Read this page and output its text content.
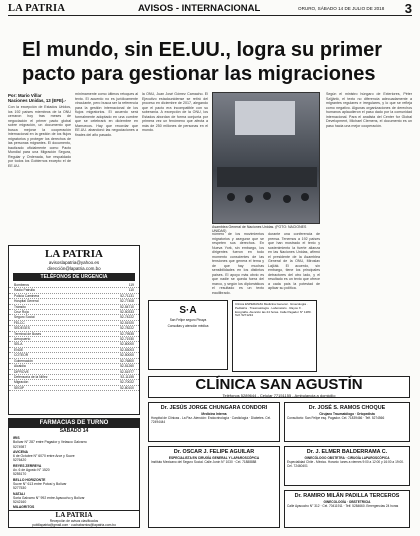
LA PATRIA	AVISOS - INTERNACIONAL	ORURO, SÁBADO 14 DE JULIO DE 2018 3
El mundo, sin EE.UU., logra su primer pacto para gestionar las migraciones
Por: Mario Villar
Naciones Unidas, 13 (EFE).-
Con la excepción de Estados Unidos, los 192 países miembros de la ONU cerraron hoy tras meses de negociación el primer pacto global sobre migración, un documento que busca mejorar la cooperación internacional en la gestión de los flujos migratorios y proteger los derechos de las personas migrantes. El documento, bautizado oficialmente como Pacto Mundial para una Migración Segura, Regular y Ordenada, fue respaldado por todos los Gobiernos excepto el de EE.UU.
mínimamente como últimos retoques al texto. El acuerdo no es jurídicamente vinculante, pero busca ser la referencia para la gestión internacional de los flujos migratorios. El acuerdo será formalmente adoptado en una cumbre que se celebrará en diciembre en Marruecos. Hay que recordar que EE.UU. abandonó las negociaciones a finales del año pasado.
la ONU, Juan José Gómez Camacho. El Ejecutivo estadounidense se retiró del proceso en diciembre de 2017, alegando que el pacto era incompatible con su soberanía. A excepción de la ONU, los Estados abordan de forma conjunta por primera vez un fenómeno que afecta a más de 250 millones de personas en el mundo.
Asamblea General de Naciones Unidas. (FOTO: NACIONES UNIDAS)
número de los movimientos migratorios y asegurar que se respeten sus derechos. En Nueva York, sin embargo, los dirigentes fueron en todo momento conscientes de las tensiones que genera el tema y de que hay muchas sensibilidades en los distintos países. El apoyo más obvio es que nadie se queda fuera del marco, y según los diplomáticos el resultado es un texto equilibrado.
durante una conferencia de prensa. Tenemos a 192 países que han mostrado el texto y sostenimiento la fuerte alianza en las Naciones Unidas, afirmó el presidente de la Asamblea General de la ONU, Miroslav Lajčák. El acuerdo, sin embargo, tiene los principales detractores del otro lado, y el resultado es un texto que ofrece a cada país la potestad de aplicar su política.
Según el ministro húngaro de Exteriores, Péter Szijjártó, el texto no diferencia adecuadamente a migrantes regulares e irregulares, y lo que se refleja como negativo. Algunas organizaciones de derechos humanos aplaudieron el paso dado por la comunidad internacional. Para el analista del Center for Global Development, Michael Clemens, el documento es un paso hacia una mejor cooperación.
LA PATRIA
avisoslapatria@yahoo.es
dirección@lapatria.com.bo
TELÉFONOS DE URGENCIA
Bomberos	119
Radio Patrulla	110
Policía Caminera	52-71131
Hospital General	52-77408
Tránsito	52-54710
Cruz Roja	52-50333
Seguro Social	52-74222
FELCC	52-51920
SEDEGES	52-78222
Terminal de Buses	52-79535
Aeropuerto	52-71930
SELA	52-80000
ENDE	52-53003
COTEOR	52-50000
Gobernación	52-76800
Alcaldía	52-51260
DIPROVE	52-51977
Defensoría de la Niñez	52-11155
Migración	52-70022
SEGIP	52-80100
FARMACIAS DE TURNO
SÁBADO 14
IRIS
Bolívar N° 287 entre Pagador y Velasco Galvarro
5274987
AVICENA
6 de Octubre N° 6070 entre Arce y Sucre
5276420
REYES ZERREYA
Av. 6 de Agosto N° 1520
5255170
BELLO HORIZONTE
Sucre N° 613 entre Potosí y Bolívar
5277530
NATALI
Soria Galvarro N° 992 entre Ayacucho y Bolívar
5242160
MILAGRITOS
LA PATRIA
Recepción de avisos clasificados
publilapatria@gmail.com · cuchabarrios@lapatria.com.bo
S·A
San Felipe seguro Pinaya
Consultas y atención médica
Clínica ESPERANZA Medicina General · Ginecología · Pediatría · Traumatología · Laboratorio · Rayos X · Ecografía. Atención las 24 horas. Calle Pagador N° 1280. Telf. 5271234
CLÍNICA SAN AGUSTÍN
Teléfonos 5289644 - Celular 77151155 - Ambulancia a domicilio
Dr. JESÚS JORGE CHUNGARA CONDORI
Medicina Interna
Hospital de Clínicas - La Paz. Atención: Endocrinología · Cardiología · Diabetes. Cel. 72494444
Dr. OSCAR J. FELIPE AGUILAR
ESPECIALISTA EN CIRUGÍA GENERAL Y LAPAROSCÓPICA
Instituto Mexicano del Seguro Social. Calle Junín N° 1030 · Cel. 71888888
Dr. JOSÉ S. RAMOS CHOQUE
Cirujano Traumatólogo · Ortopedista
Consultorio: San Felipe esq. Pagador. Cel. 71839466 · Telf. 5274566
Dr. J. ELMER BALDERRAMA C.
GINECÓLOGO OBSTETRA · CIRUGÍA LAPAROSCÓPICA
Especialidad Chile - México. Horario: lunes a viernes 9:00 a 12:00 y 16:00 a 19:00. Cel. 72460401
Dr. RAMIRO MILÁN PADILLA TERCEROS
GINECOLOGÍA · OBSTETRICIA
Calle Ayacucho N° 312 · Cel. 70411911 · Telf. 5284660. Emergencias 24 horas
